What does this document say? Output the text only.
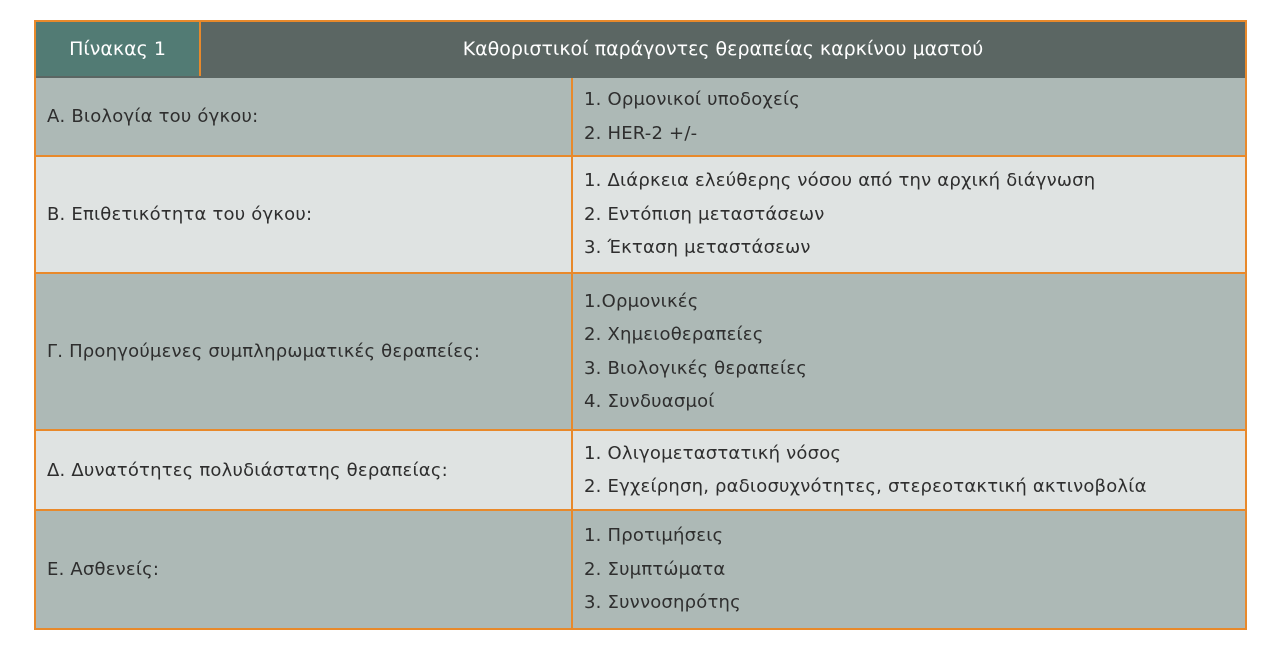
Πίνακας 1	Καθοριστικοί παράγοντες θεραπείας καρκίνου μαστού
Α. Βιολογία του όγκου:
1. Ορμονικοί υποδοχείς
2. HER-2 +/-
Β. Επιθετικότητα του όγκου:
1. Διάρκεια ελεύθερης νόσου από την αρχική διάγνωση
2. Εντόπιση μεταστάσεων
3. Έκταση μεταστάσεων
Γ. Προηγούμενες συμπληρωματικές θεραπείες:
1.Ορμονικές
2. Χημειοθεραπείες
3. Βιολογικές θεραπείες
4. Συνδυασμοί
Δ. Δυνατότητες πολυδιάστατης θεραπείας:
1. Ολιγομεταστατική νόσος
2. Εγχείρηση, ραδιοσυχνότητες, στερεοτακτική ακτινοβολία
Ε. Ασθενείς:
1. Προτιμήσεις
2. Συμπτώματα
3. Συννοσηρότης
